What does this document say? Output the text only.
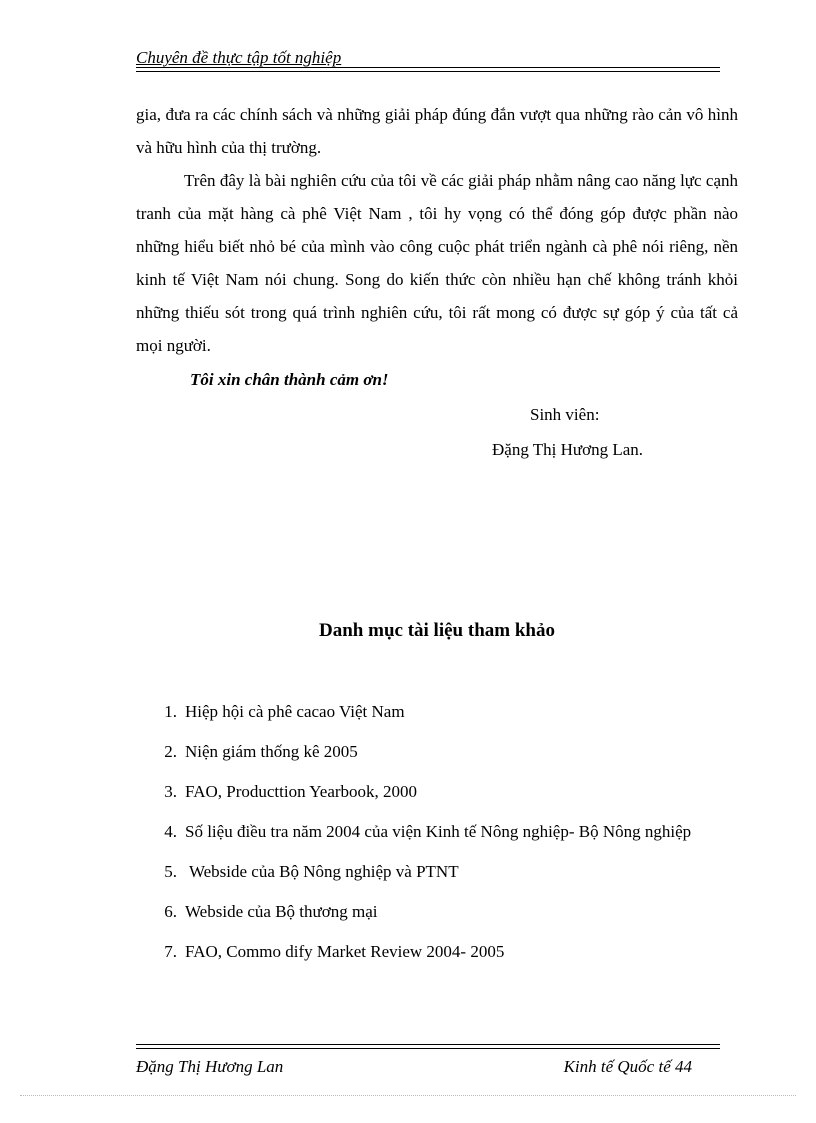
Chuyên đề thực tập tốt nghiệp

gia, đưa ra các chính sách và những giải pháp đúng đắn vượt qua những rào cản vô hình và hữu hình của thị trường.

Trên đây là bài nghiên cứu của tôi về các giải pháp nhằm nâng cao năng lực cạnh tranh của mặt hàng cà phê Việt Nam , tôi hy vọng có thể đóng góp được phần nào những hiểu biết nhỏ bé của mình vào công cuộc phát triển ngành cà phê nói riêng, nền kinh tế Việt Nam nói chung. Song do kiến thức còn nhiều hạn chế không tránh khỏi những thiếu sót trong quá trình nghiên cứu, tôi rất mong có được sự góp ý của tất cả mọi người.

Tôi xin chân thành cảm ơn!

Sinh viên:

Đặng Thị Hương Lan.

Danh mục tài liệu tham khảo
1. Hiệp hội cà phê cacao Việt Nam
2. Niện giám thống kê 2005
3. FAO, Producttion Yearbook, 2000
4. Số liệu điều tra năm 2004 của viện Kinh tế Nông nghiệp- Bộ Nông nghiệp
5. Webside của Bộ Nông nghiệp và PTNT
6. Webside của Bộ thương mại
7. FAO, Commo dify Market Review 2004- 2005
Đặng Thị Hương Lan	Kinh tế Quốc tế 44
